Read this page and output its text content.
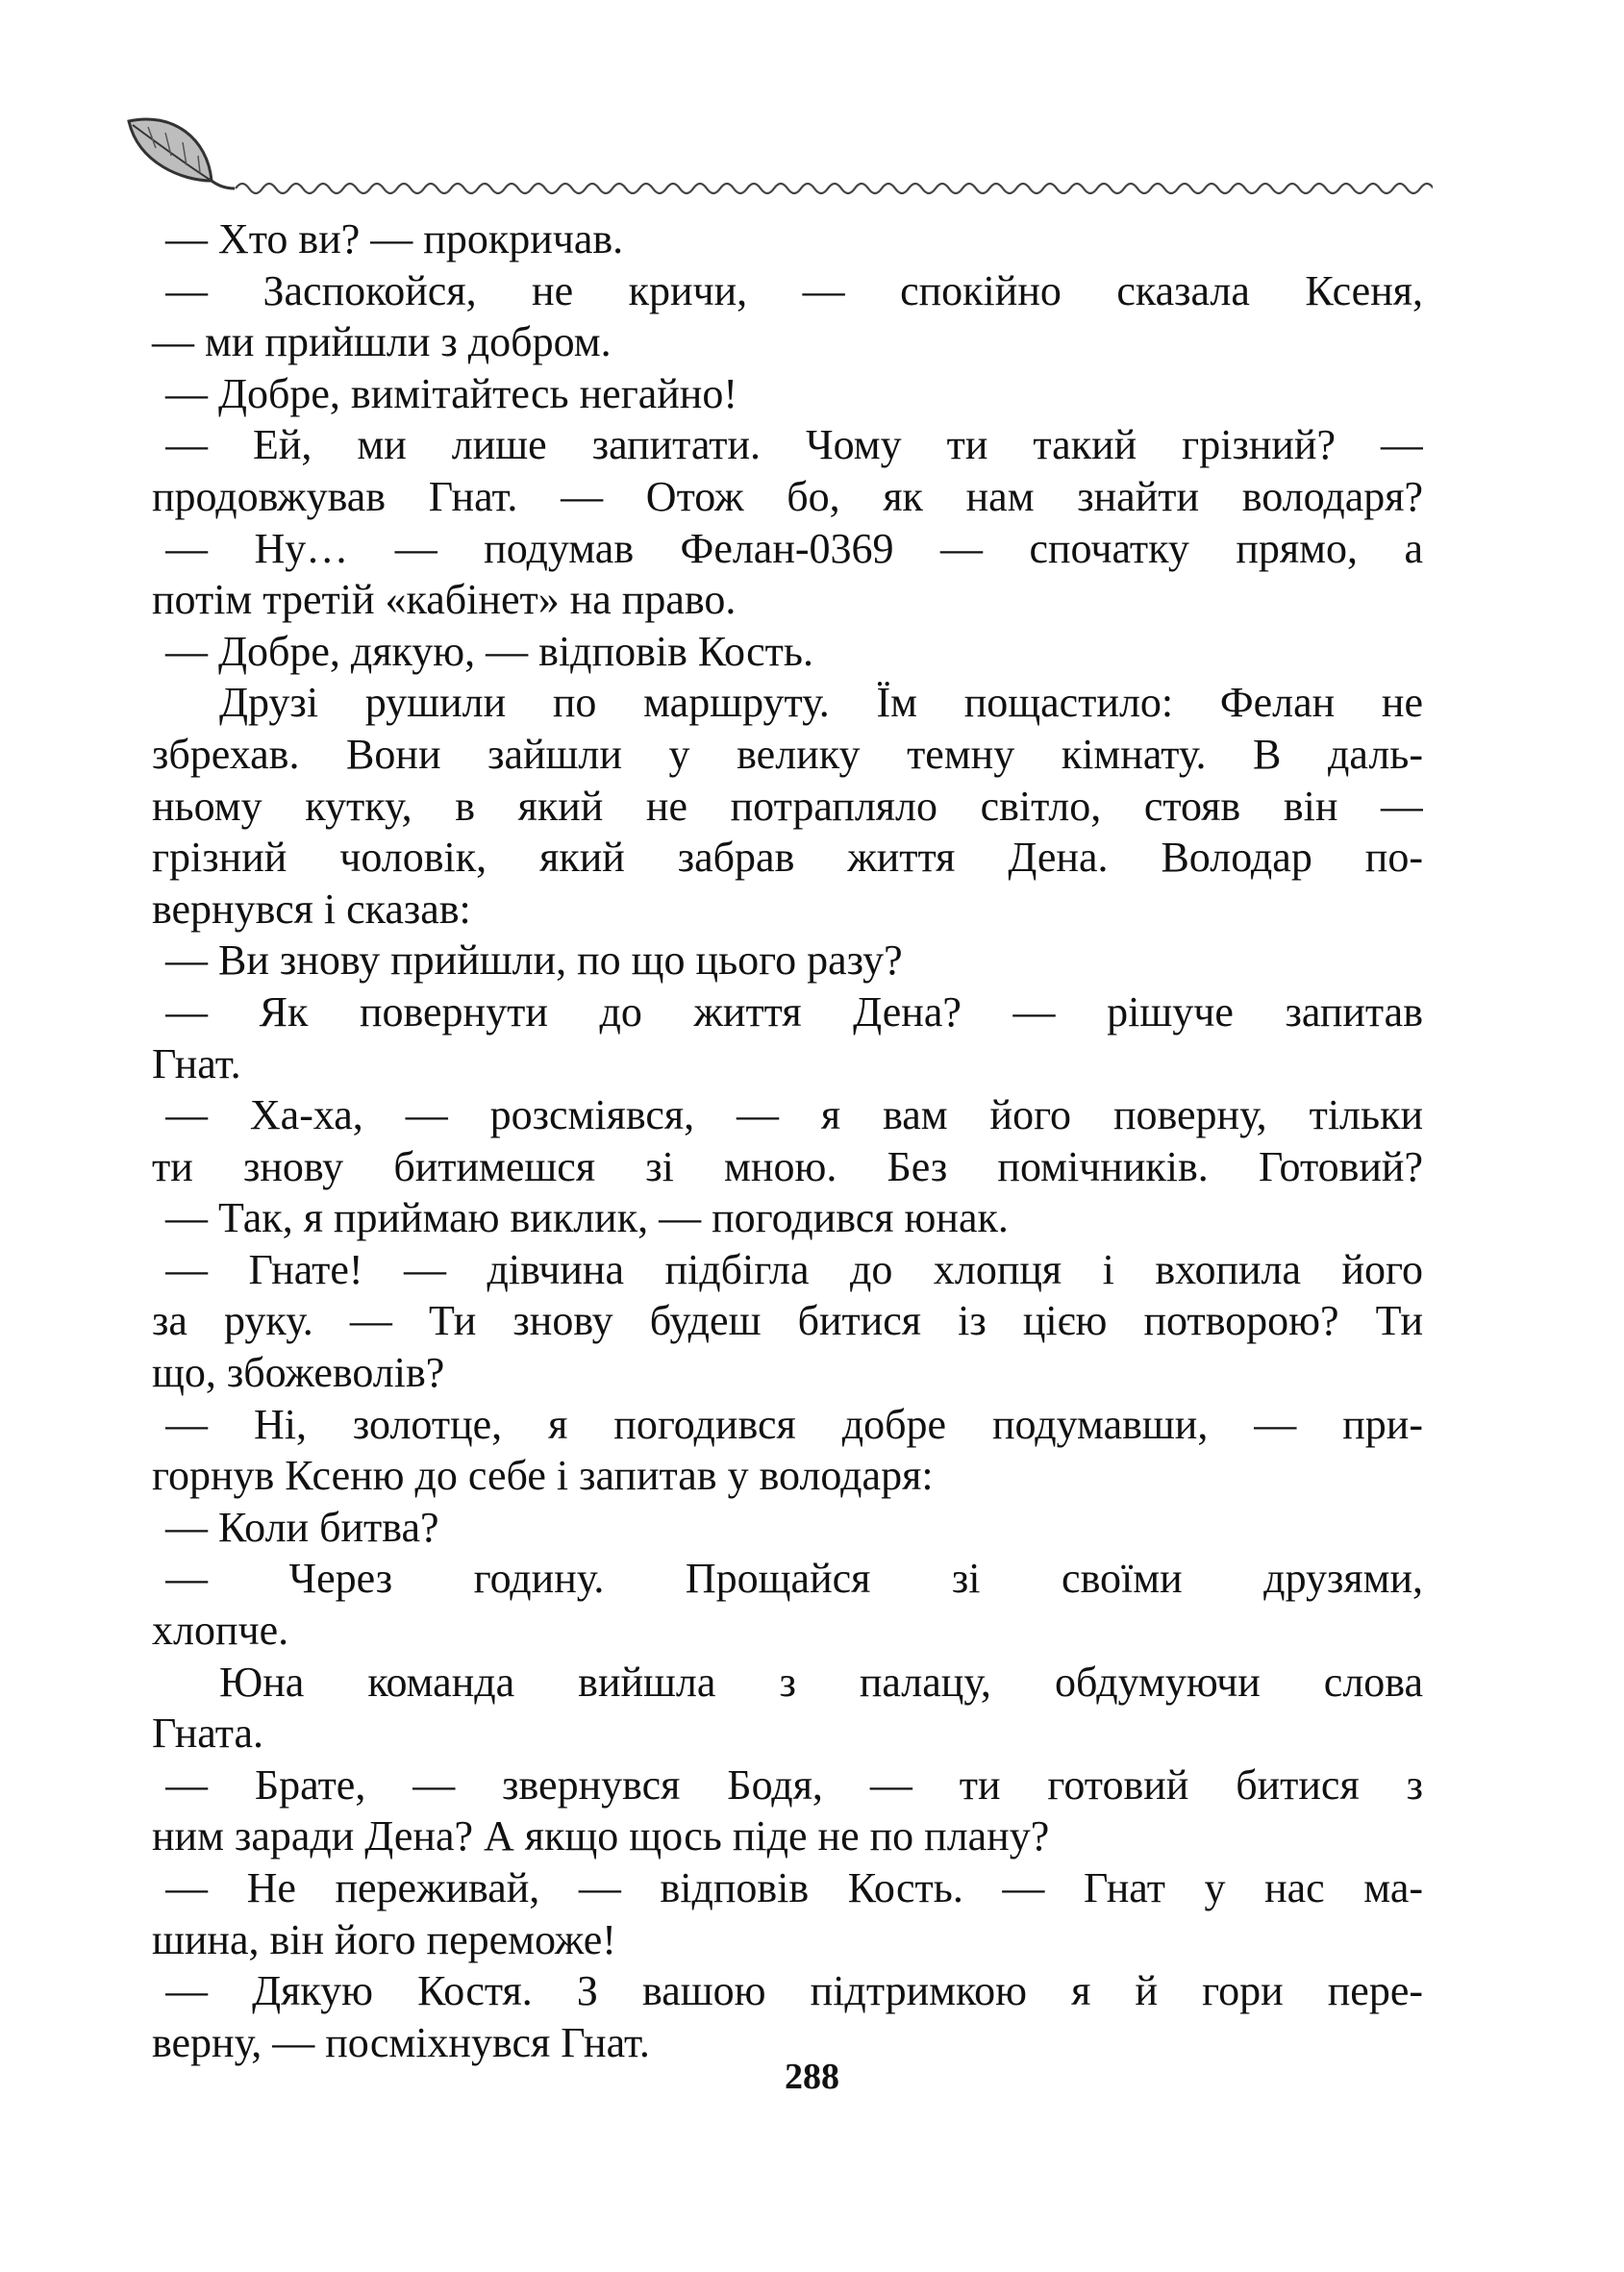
— Хто ви? — прокричав.
— Заспокойся, не кричи, — спокійно сказала Ксеня,
— ми прийшли з добром.
— Добре, вимітайтесь негайно!
— Ей, ми лише запитати. Чому ти такий грізний? —
продовжував Гнат. — Отож бо, як нам знайти володаря?
— Ну… — подумав Фелан-0369 — спочатку прямо, а
потім третій «кабінет» на право.
— Добре, дякую, — відповів Кость.
Друзі рушили по маршруту. Їм пощастило: Фелан не
збрехав. Вони зайшли у велику темну кімнату. В даль-
ньому кутку, в який не потрапляло світло, стояв він —
грізний чоловік, який забрав життя Дена. Володар по-
вернувся і сказав:
— Ви знову прийшли, по що цього разу?
— Як повернути до життя Дена? — рішуче запитав
Гнат.
— Ха-ха, — розсміявся, — я вам його поверну, тільки
ти знову битимешся зі мною. Без помічників. Готовий?
— Так, я приймаю виклик, — погодився юнак.
— Гнате! — дівчина підбігла до хлопця і вхопила його
за руку. — Ти знову будеш битися із цією потворою? Ти
що, збожеволів?
— Ні, золотце, я погодився добре подумавши, — при-
горнув Ксеню до себе і запитав у володаря:
— Коли битва?
— Через годину. Прощайся зі своїми друзями,
хлопче.
Юна команда вийшла з палацу, обдумуючи слова
Гната.
— Брате, — звернувся Бодя, — ти готовий битися з
ним заради Дена? А якщо щось піде не по плану?
— Не переживай, — відповів Кость. — Гнат у нас ма-
шина, він його переможе!
— Дякую Костя. З вашою підтримкою я й гори пере-
верну, — посміхнувся Гнат.
288
